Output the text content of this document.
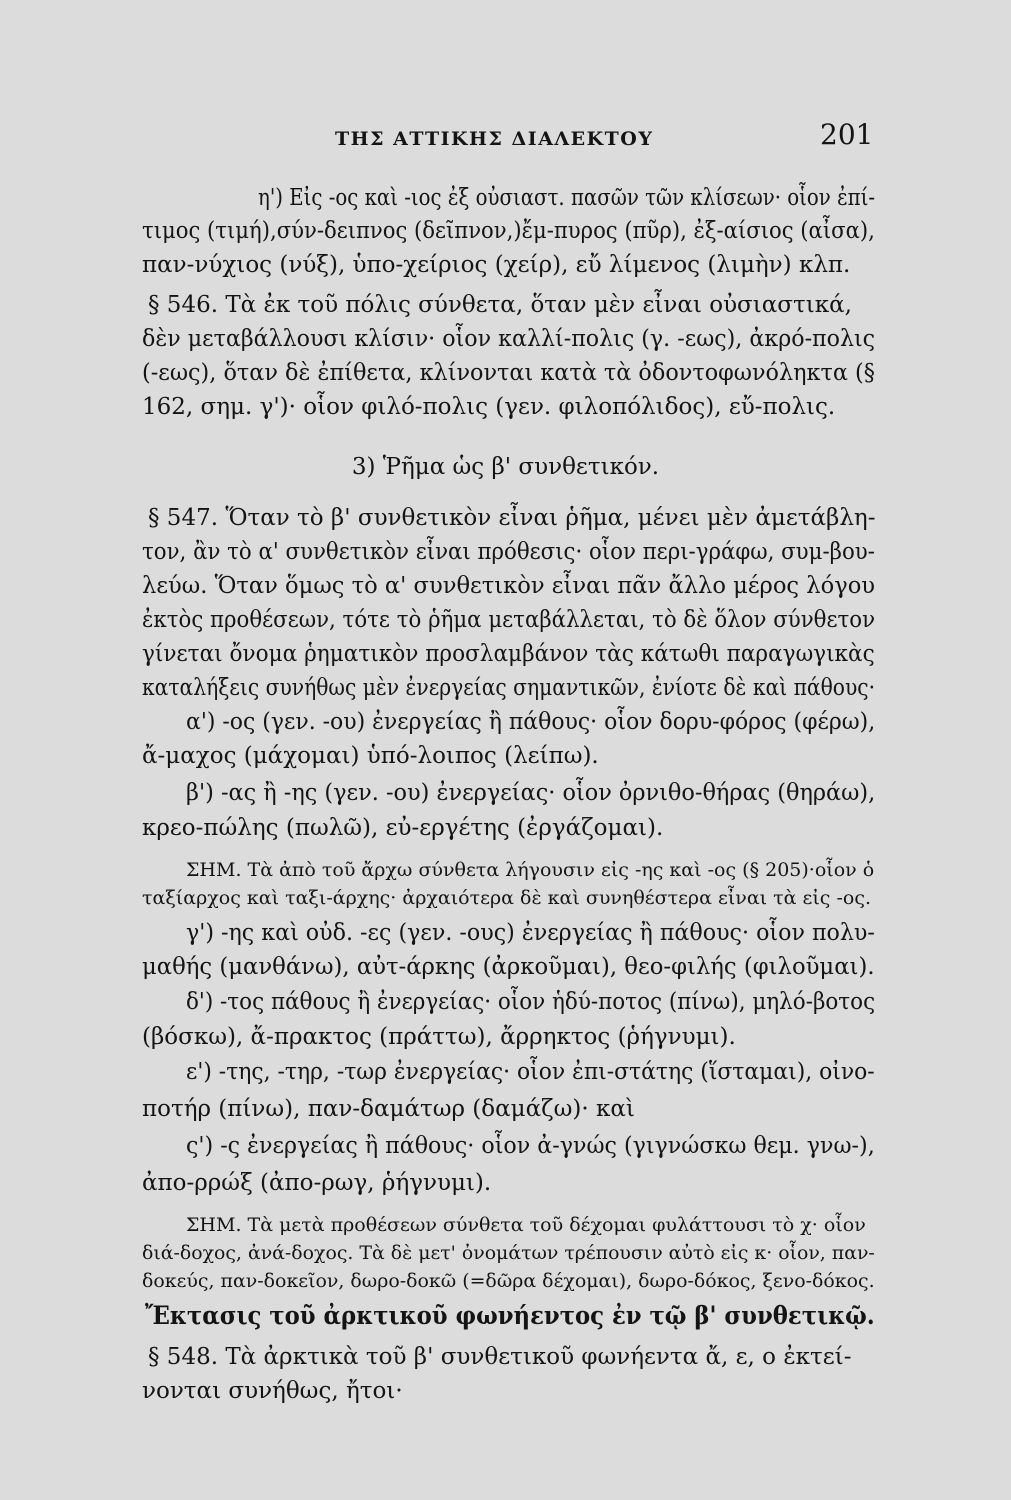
ΤΗΣ ΑΤΤΙΚΗΣ ΔΙΑΛΕΚΤΟΥ	201
η') Εἰς -ος καὶ -ιος ἐξ οὐσιαστ. πασῶν τῶν κλίσεων· οἷον ἐπί-
τιμος (τιμή),σύν-δειπνος (δεῖπνον,)ἔμ-πυρος (πῦρ), ἐξ-αίσιος (αἶσα),
παν-νύχιος (νύξ), ὑπο-χείριος (χείρ), εὔ λίμενος (λιμὴν) κλπ.
§ 546. Τὰ ἐκ τοῦ πόλις σύνθετα, ὅταν μὲν εἶναι οὐσιαστικά,
δὲν μεταβάλλουσι κλίσιν· οἷον καλλί-πολις (γ. -εως), ἀκρό-πολις
(-εως), ὅταν δὲ ἐπίθετα, κλίνονται κατὰ τὰ ὀδοντοφωνόληκτα (§
162, σημ. γ')· οἷον φιλό-πολις (γεν. φιλοπόλιδος), εὔ-πολις.
3) Ῥῆμα ὡς β' συνθετικόν.
§ 547. Ὅταν τὸ β' συνθετικὸν εἶναι ῥῆμα, μένει μὲν ἀμετάβλη-
τον, ἂν τὸ α' συνθετικὸν εἶναι πρόθεσις· οἷον περι-γράφω, συμ-βου-
λεύω. Ὅταν ὅμως τὸ α' συνθετικὸν εἶναι πᾶν ἄλλο μέρος λόγου
ἐκτὸς προθέσεων, τότε τὸ ῥῆμα μεταβάλλεται, τὸ δὲ ὅλον σύνθετον
γίνεται ὄνομα ῥηματικὸν προσλαμβάνον τὰς κάτωθι παραγωγικὰς
καταλήξεις συνήθως μὲν ἐνεργείας σημαντικῶν, ἐνίοτε δὲ καὶ πάθους·
α') -ος (γεν. -ου) ἐνεργείας ἢ πάθους· οἷον δορυ-φόρος (φέρω),
ἄ-μαχος (μάχομαι) ὑπό-λοιπος (λείπω).
β') -ας ἢ -ης (γεν. -ου) ἐνεργείας· οἷον ὀρνιθο-θήρας (θηράω),
κρεο-πώλης (πωλῶ), εὐ-εργέτης (ἐργάζομαι).
ΣΗΜ. Τὰ ἀπὸ τοῦ ἄρχω σύνθετα λήγουσιν εἰς -ης καὶ -ος (§ 205)·οἷον ὁ
ταξίαρχος καὶ ταξι-άρχης· ἀρχαιότερα δὲ καὶ συνηθέστερα εἶναι τὰ εἰς -ος.
γ') -ης καὶ οὐδ. -ες (γεν. -ους) ἐνεργείας ἢ πάθους· οἷον πολυ-
μαθής (μανθάνω), αὐτ-άρκης (ἀρκοῦμαι), θεο-φιλής (φιλοῦμαι).
δ') -τος πάθους ἢ ἐνεργείας· οἷον ἡδύ-ποτος (πίνω), μηλό-βοτος
(βόσκω), ἄ-πρακτος (πράττω), ἄρρηκτος (ῥήγνυμι).
ε') -της, -τηρ, -τωρ ἐνεργείας· οἷον ἐπι-στάτης (ἵσταμαι), οἰνο-
ποτήρ (πίνω), παν-δαμάτωρ (δαμάζω)· καὶ
ς') -ς ἐνεργείας ἢ πάθους· οἷον ἀ-γνώς (γιγνώσκω θεμ. γνω-),
ἀπο-ρρώξ (ἀπο-ρωγ, ῥήγνυμι).
ΣΗΜ. Τὰ μετὰ προθέσεων σύνθετα τοῦ δέχομαι φυλάττουσι τὸ χ· οἷον
διά-δοχος, ἀνά-δοχος. Τὰ δὲ μετ' ὀνομάτων τρέπουσιν αὐτὸ εἰς κ· οἷον, παν-
δοκεύς, παν-δοκεῖον, δωρο-δοκῶ (=δῶρα δέχομαι), δωρο-δόκος, ξενο-δόκος.
Ἔκτασις τοῦ ἀρκτικοῦ φωνήεντος ἐν τῷ β' συνθετικῷ.
§ 548. Τὰ ἀρκτικὰ τοῦ β' συνθετικοῦ φωνήεντα ἄ, ε, ο ἐκτεί-
νονται συνήθως, ἤτοι·
